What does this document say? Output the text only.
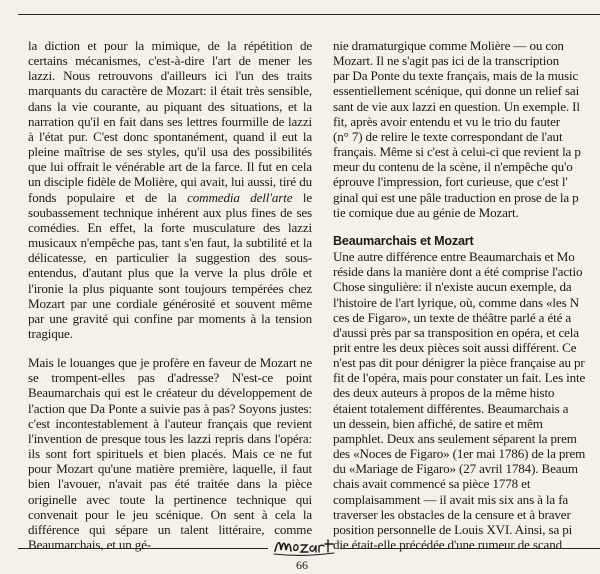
la diction et pour la mimique, de la répétition de certains mécanismes, c'est-à-dire l'art de mener les lazzi. Nous retrouvons d'ailleurs ici l'un des traits marquants du caractère de Mozart: il était très sensible, dans la vie courante, au piquant des situations, et la narration qu'il en fait dans ses lettres fourmille de lazzi à l'état pur. C'est donc spontanément, quand il eut la pleine maîtrise de ses styles, qu'il usa des possibilités que lui offrait le vénérable art de la farce. Il fut en cela un disciple fidèle de Molière, qui avait, lui aussi, tiré du fonds populaire et de la commedia dell'arte le soubassement technique inhérent aux plus fines de ses comédies. En effet, la forte musculature des lazzi musicaux n'empêche pas, tant s'en faut, la subtilité et la délicatesse, en particulier la suggestion des sous-entendus, d'autant plus que la verve la plus drôle et l'ironie la plus piquante sont toujours tempérées chez Mozart par une cordiale générosité et souvent même par une gravité qui confine par moments à la tension tragique.

Mais le louanges que je profère en faveur de Mozart ne se trompent-elles pas d'adresse? N'est-ce point Beaumarchais qui est le créateur du développement de l'action que Da Ponte a suivie pas à pas? Soyons justes: c'est incontestablement à l'auteur français que revient l'invention de presque tous les lazzi repris dans l'opéra: ils sont fort spirituels et bien placés. Mais ce ne fut pour Mozart qu'une matière première, laquelle, il faut bien l'avouer, n'avait pas été traitée dans la pièce originelle avec toute la pertinence technique qui convenait pour le jeu scénique. On sent à cela la différence qui sépare un talent littéraire, comme Beaumarchais, et un gé-

nie dramaturgique comme Molière — ou con
Mozart. Il ne s'agit pas ici de la transcription
par Da Ponte du texte français, mais de la music
essentiellement scénique, qui donne un relief sai
sant de vie aux lazzi en question. Un exemple. Il
fit, après avoir entendu et vu le trio du fauter
(n° 7) de relire le texte correspondant de l'aut
français. Même si c'est à celui-ci que revient la p
meur du contenu de la scène, il n'empêche qu'o
éprouve l'impression, fort curieuse, que c'est l'
ginal qui est une pâle traduction en prose de la p
tie comique due au génie de Mozart.
Beaumarchais et Mozart
Une autre différence entre Beaumarchais et Mo
réside dans la manière dont a été comprise l'actio
Chose singulière: il n'existe aucun exemple, da
l'histoire de l'art lyrique, où, comme dans «les N
ces de Figaro», un texte de théâtre parlé a été a
d'aussi près par sa transposition en opéra, et cela
prit entre les deux pièces soit aussi différent. Ce
n'est pas dit pour dénigrer la pièce française au pr
fit de l'opéra, mais pour constater un fait. Les inte
des deux auteurs à propos de la même histo
étaient totalement différentes. Beaumarchais a
un dessein, bien affiché, de satire et mêm
pamphlet. Deux ans seulement séparent la prem
des «Noces de Figaro» (1er mai 1786) de la prem
du «Mariage de Figaro» (27 avril 1784). Beaum
chais avait commencé sa pièce 1778 et
complaisamment — il avait mis six ans à la fa
traverser les obstacles de la censure et à braver
position personnelle de Louis XVI. Ainsi, sa pi
die était-elle précédée d'une rumeur de scand
66
